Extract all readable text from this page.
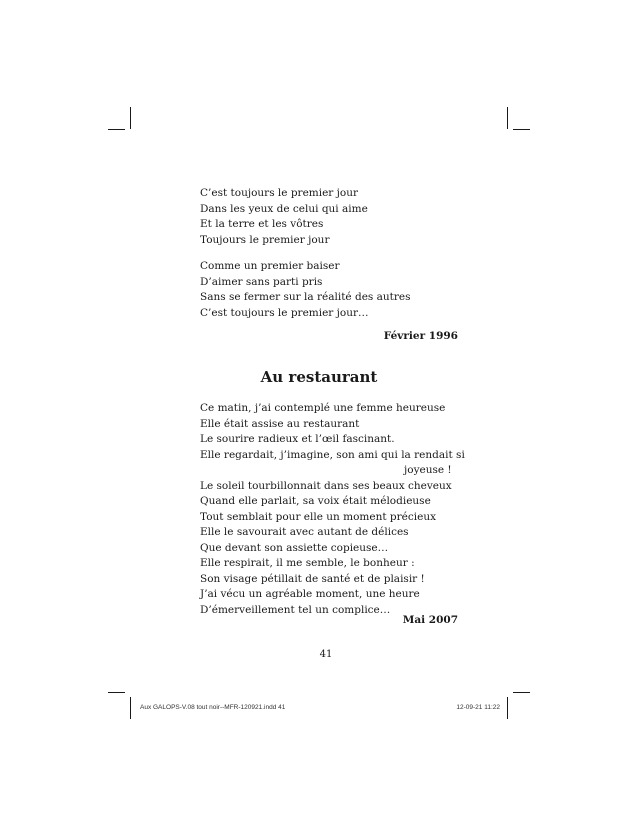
C’est toujours le premier jour
Dans les yeux de celui qui aime
Et la terre et les vôtres
Toujours le premier jour
Comme un premier baiser
D’aimer sans parti pris
Sans se fermer sur la réalité des autres
C’est toujours le premier jour…
Février 1996
Au restaurant
Ce matin, j’ai contemplé une femme heureuse
Elle était assise au restaurant
Le sourire radieux et l’œil fascinant.
Elle regardait, j’imagine, son ami qui la rendait si
joyeuse !
Le soleil tourbillonnait dans ses beaux cheveux
Quand elle parlait, sa voix était mélodieuse
Tout semblait pour elle un moment précieux
Elle le savourait avec autant de délices
Que devant son assiette copieuse…
Elle respirait, il me semble, le bonheur :
Son visage pétillait de santé et de plaisir !
J’ai vécu un agréable moment, une heure
D’émerveillement tel un complice…
Mai 2007
41
Aux GALOPS-V.08 tout noir--MFR-120921.indd 41	12-09-21 11:22
